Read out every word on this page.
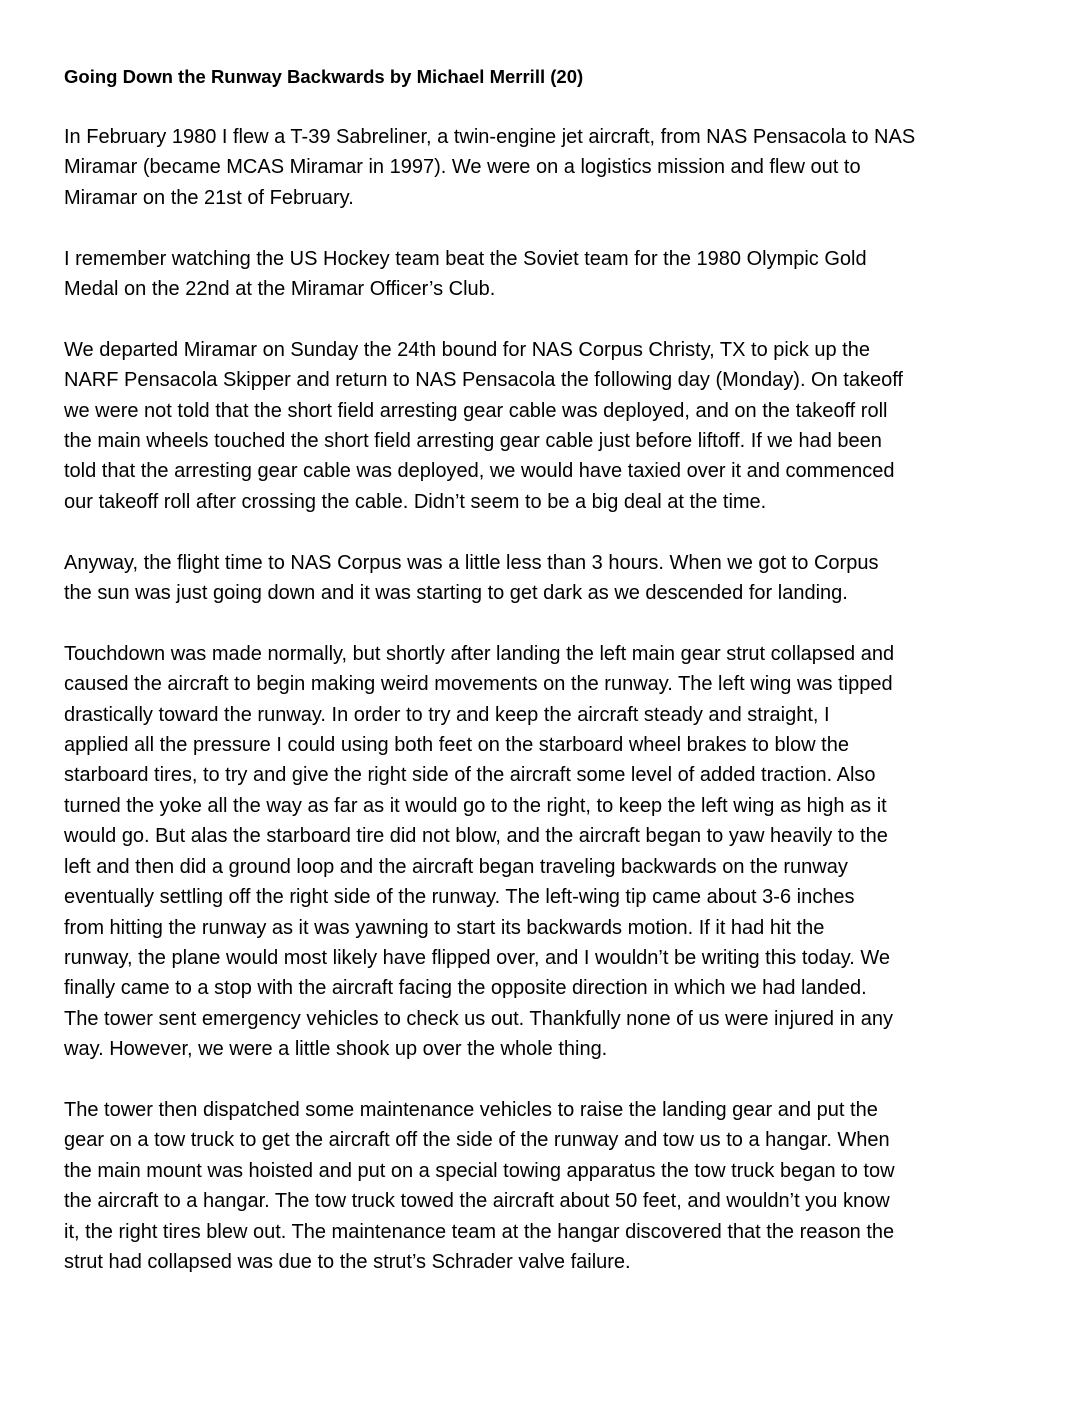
Going Down the Runway Backwards by Michael Merrill (20)
In February 1980 I flew a T-39 Sabreliner, a twin-engine jet aircraft, from NAS Pensacola to NAS
Miramar (became MCAS Miramar in 1997). We were on a logistics mission and flew out to
Miramar on the 21st of February.
I remember watching the US Hockey team beat the Soviet team for the 1980 Olympic Gold
Medal on the 22nd at the Miramar Officer’s Club.
We departed Miramar on Sunday the 24th bound for NAS Corpus Christy, TX to pick up the
NARF Pensacola Skipper and return to NAS Pensacola the following day (Monday). On takeoff
we were not told that the short field arresting gear cable was deployed, and on the takeoff roll
the main wheels touched the short field arresting gear cable just before liftoff. If we had been
told that the arresting gear cable was deployed, we would have taxied over it and commenced
our takeoff roll after crossing the cable. Didn’t seem to be a big deal at the time.
Anyway, the flight time to NAS Corpus was a little less than 3 hours. When we got to Corpus
the sun was just going down and it was starting to get dark as we descended for landing.
Touchdown was made normally, but shortly after landing the left main gear strut collapsed and
caused the aircraft to begin making weird movements on the runway. The left wing was tipped
drastically toward the runway. In order to try and keep the aircraft steady and straight, I
applied all the pressure I could using both feet on the starboard wheel brakes to blow the
starboard tires, to try and give the right side of the aircraft some level of added traction. Also
turned the yoke all the way as far as it would go to the right, to keep the left wing as high as it
would go. But alas the starboard tire did not blow, and the aircraft began to yaw heavily to the
left and then did a ground loop and the aircraft began traveling backwards on the runway
eventually settling off the right side of the runway. The left-wing tip came about 3-6 inches
from hitting the runway as it was yawning to start its backwards motion. If it had hit the
runway, the plane would most likely have flipped over, and I wouldn’t be writing this today. We
finally came to a stop with the aircraft facing the opposite direction in which we had landed.
The tower sent emergency vehicles to check us out. Thankfully none of us were injured in any
way. However, we were a little shook up over the whole thing.
The tower then dispatched some maintenance vehicles to raise the landing gear and put the
gear on a tow truck to get the aircraft off the side of the runway and tow us to a hangar. When
the main mount was hoisted and put on a special towing apparatus the tow truck began to tow
the aircraft to a hangar. The tow truck towed the aircraft about 50 feet, and wouldn’t you know
it, the right tires blew out. The maintenance team at the hangar discovered that the reason the
strut had collapsed was due to the strut’s Schrader valve failure.
